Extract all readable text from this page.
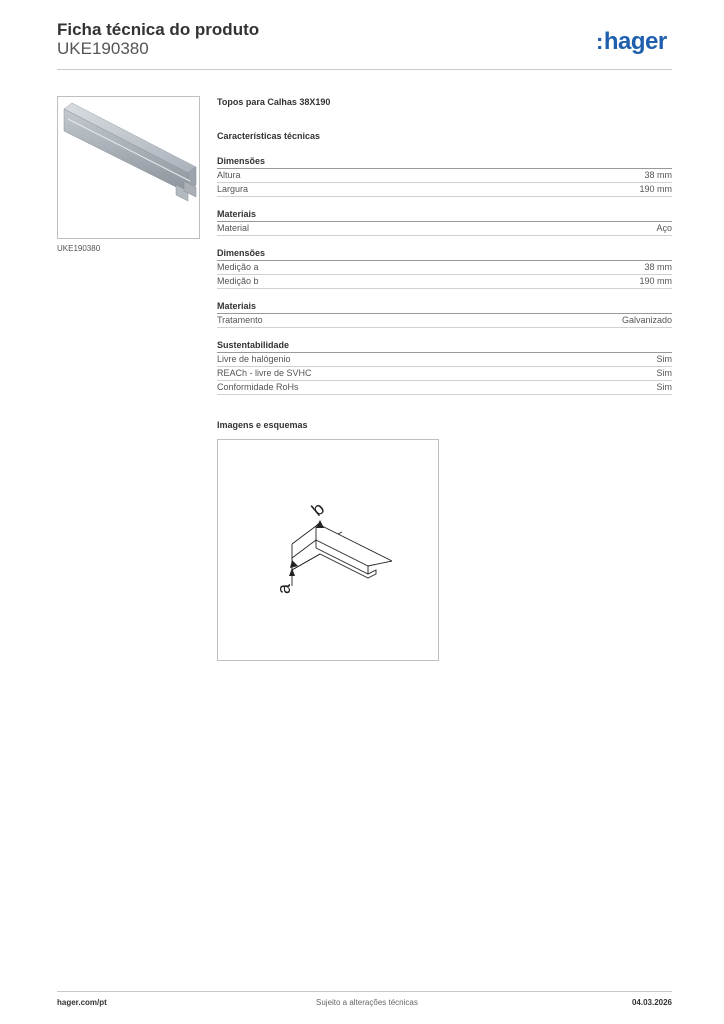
Ficha técnica do produto
UKE190380	:hager
UKE190380
Topos para Calhas 38X190
Características técnicas
Dimensões
Altura	38 mm
Largura	190 mm
Materiais
Material	Aço
Dimensões
Medição a	38 mm
Medição b	190 mm
Materiais
Tratamento	Galvanizado
Sustentabilidade
Livre de halógenio	Sim
REACh - livre de SVHC	Sim
Conformidade RoHs	Sim
Imagens e esquemas
b
a
hager.com/pt	Sujeito a alterações técnicas	04.03.2026
